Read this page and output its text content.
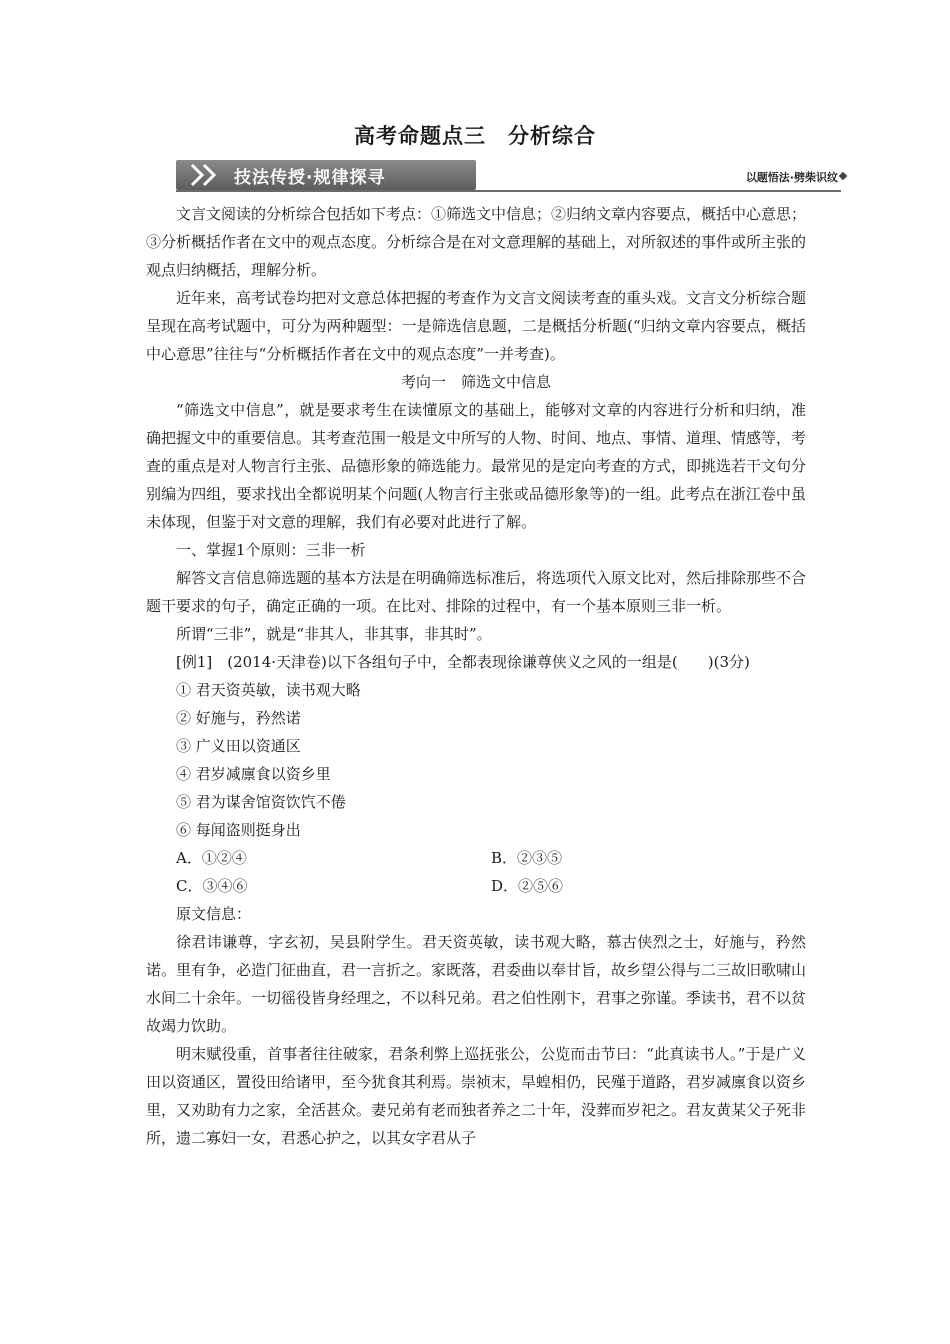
高考命题点三　分析综合
技法传授·规律探寻	以题悟法·劈柴识纹

文言文阅读的分析综合包括如下考点：①筛选文中信息；②归纳文章内容要点，概括中心意思；③分析概括作者在文中的观点态度。分析综合是在对文意理解的基础上，对所叙述的事件或所主张的观点归纳概括，理解分析。

近年来，高考试卷均把对文意总体把握的考查作为文言文阅读考查的重头戏。文言文分析综合题呈现在高考试题中，可分为两种题型：一是筛选信息题，二是概括分析题(“归纳文章内容要点，概括中心意思”往往与“分析概括作者在文中的观点态度”一并考查)。

考向一　筛选文中信息

“筛选文中信息”，就是要求考生在读懂原文的基础上，能够对文章的内容进行分析和归纳，准确把握文中的重要信息。其考查范围一般是文中所写的人物、时间、地点、事情、道理、情感等，考查的重点是对人物言行主张、品德形象的筛选能力。最常见的是定向考查的方式，即挑选若干文句分别编为四组，要求找出全都说明某个问题(人物言行主张或品德形象等)的一组。此考点在浙江卷中虽未体现，但鉴于对文意的理解，我们有必要对此进行了解。

一、掌握1个原则：三非一析

解答文言信息筛选题的基本方法是在明确筛选标准后，将选项代入原文比对，然后排除那些不合题干要求的句子，确定正确的一项。在比对、排除的过程中，有一个基本原则三非一析。

所谓“三非”，就是“非其人，非其事，非其时”。

[例1]　(2014·天津卷)以下各组句子中，全都表现徐谦尊侠义之风的一组是(　　)(3分)

① 君天资英敏，读书观大略

② 好施与，矜然诺

③ 广义田以资通区

④ 君岁减廪食以资乡里

⑤ 君为谋舍馆资饮饩不倦

⑥ 每闻盗则挺身出

A．①②④	B．②③⑤
C．③④⑥	D．②⑤⑥

原文信息：

徐君讳谦尊，字玄初，吴县附学生。君天资英敏，读书观大略，慕古侠烈之士，好施与，矜然诺。里有争，必造门征曲直，君一言折之。家既落，君委曲以奉甘旨，故乡望公得与二三故旧歌啸山水间二十余年。一切徭役皆身经理之，不以科兄弟。君之伯性刚卞，君事之弥谨。季读书，君不以贫故竭力饮助。

明末赋役重，首事者往往破家，君条利弊上巡抚张公，公览而击节曰：“此真读书人。”于是广义田以资通区，置役田给诸甲，至今犹食其利焉。崇祯末，旱蝗相仍，民殣于道路，君岁减廪食以资乡里，又劝助有力之家，全活甚众。妻兄弟有老而独者养之二十年，没葬而岁祀之。君友黄某父子死非所，遗二寡妇一女，君悉心护之，以其女字君从子
